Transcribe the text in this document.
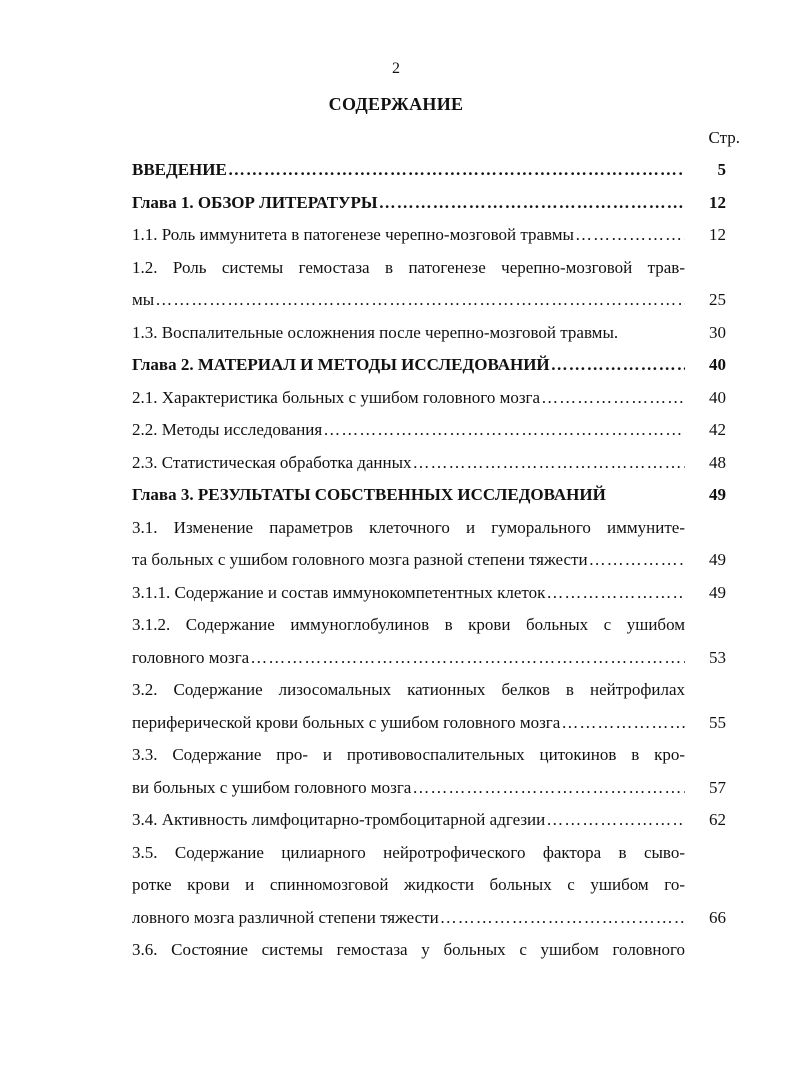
2
СОДЕРЖАНИЕ
Стр.
ВВЕДЕНИЕ …………………………………………………………………………………………………………………………………………	5
Глава 1. ОБЗОР ЛИТЕРАТУРЫ …………………………………………………………………………………………………………………………………………	12
1.1. Роль иммунитета в патогенезе черепно-мозговой травмы …………………………………………………………………………………………………………………………………………	12
1.2. Роль системы гемостаза в патогенезе черепно-мозговой трав-
мы …………………………………………………………………………………………………………………………………………	25
1.3. Воспалительные осложнения после черепно-мозговой травмы.	30
Глава 2. МАТЕРИАЛ И МЕТОДЫ ИССЛЕДОВАНИЙ …………………………………………………………………………………………………………………………………………	40
2.1. Характеристика больных с ушибом головного мозга …………………………………………………………………………………………………………………………………………	40
2.2. Методы исследования …………………………………………………………………………………………………………………………………………	42
2.3. Статистическая обработка данных …………………………………………………………………………………………………………………………………………	48
Глава 3. РЕЗУЛЬТАТЫ СОБСТВЕННЫХ ИССЛЕДОВАНИЙ	49
3.1. Изменение параметров клеточного и гуморального иммуните-
та больных с ушибом головного мозга разной степени тяжести …………………………………………………………………………………………………………………………………………	49
3.1.1. Содержание и состав иммунокомпетентных клеток …………………………………………………………………………………………………………………………………………	49
3.1.2. Содержание иммуноглобулинов в крови больных с ушибом
головного мозга …………………………………………………………………………………………………………………………………………	53
3.2. Содержание лизосомальных катионных белков в нейтрофилах
периферической крови больных с ушибом головного мозга …………………………………………………………………………………………………………………………………………	55
3.3. Содержание про- и противовоспалительных цитокинов в кро-
ви больных с ушибом головного мозга …………………………………………………………………………………………………………………………………………	57
3.4. Активность лимфоцитарно-тромбоцитарной адгезии …………………………………………………………………………………………………………………………………………	62
3.5. Содержание цилиарного нейротрофического фактора в сыво-
ротке крови и спинномозговой жидкости больных с ушибом го-
ловного мозга различной степени тяжести …………………………………………………………………………………………………………………………………………	66
3.6. Состояние системы гемостаза у больных с ушибом головного
